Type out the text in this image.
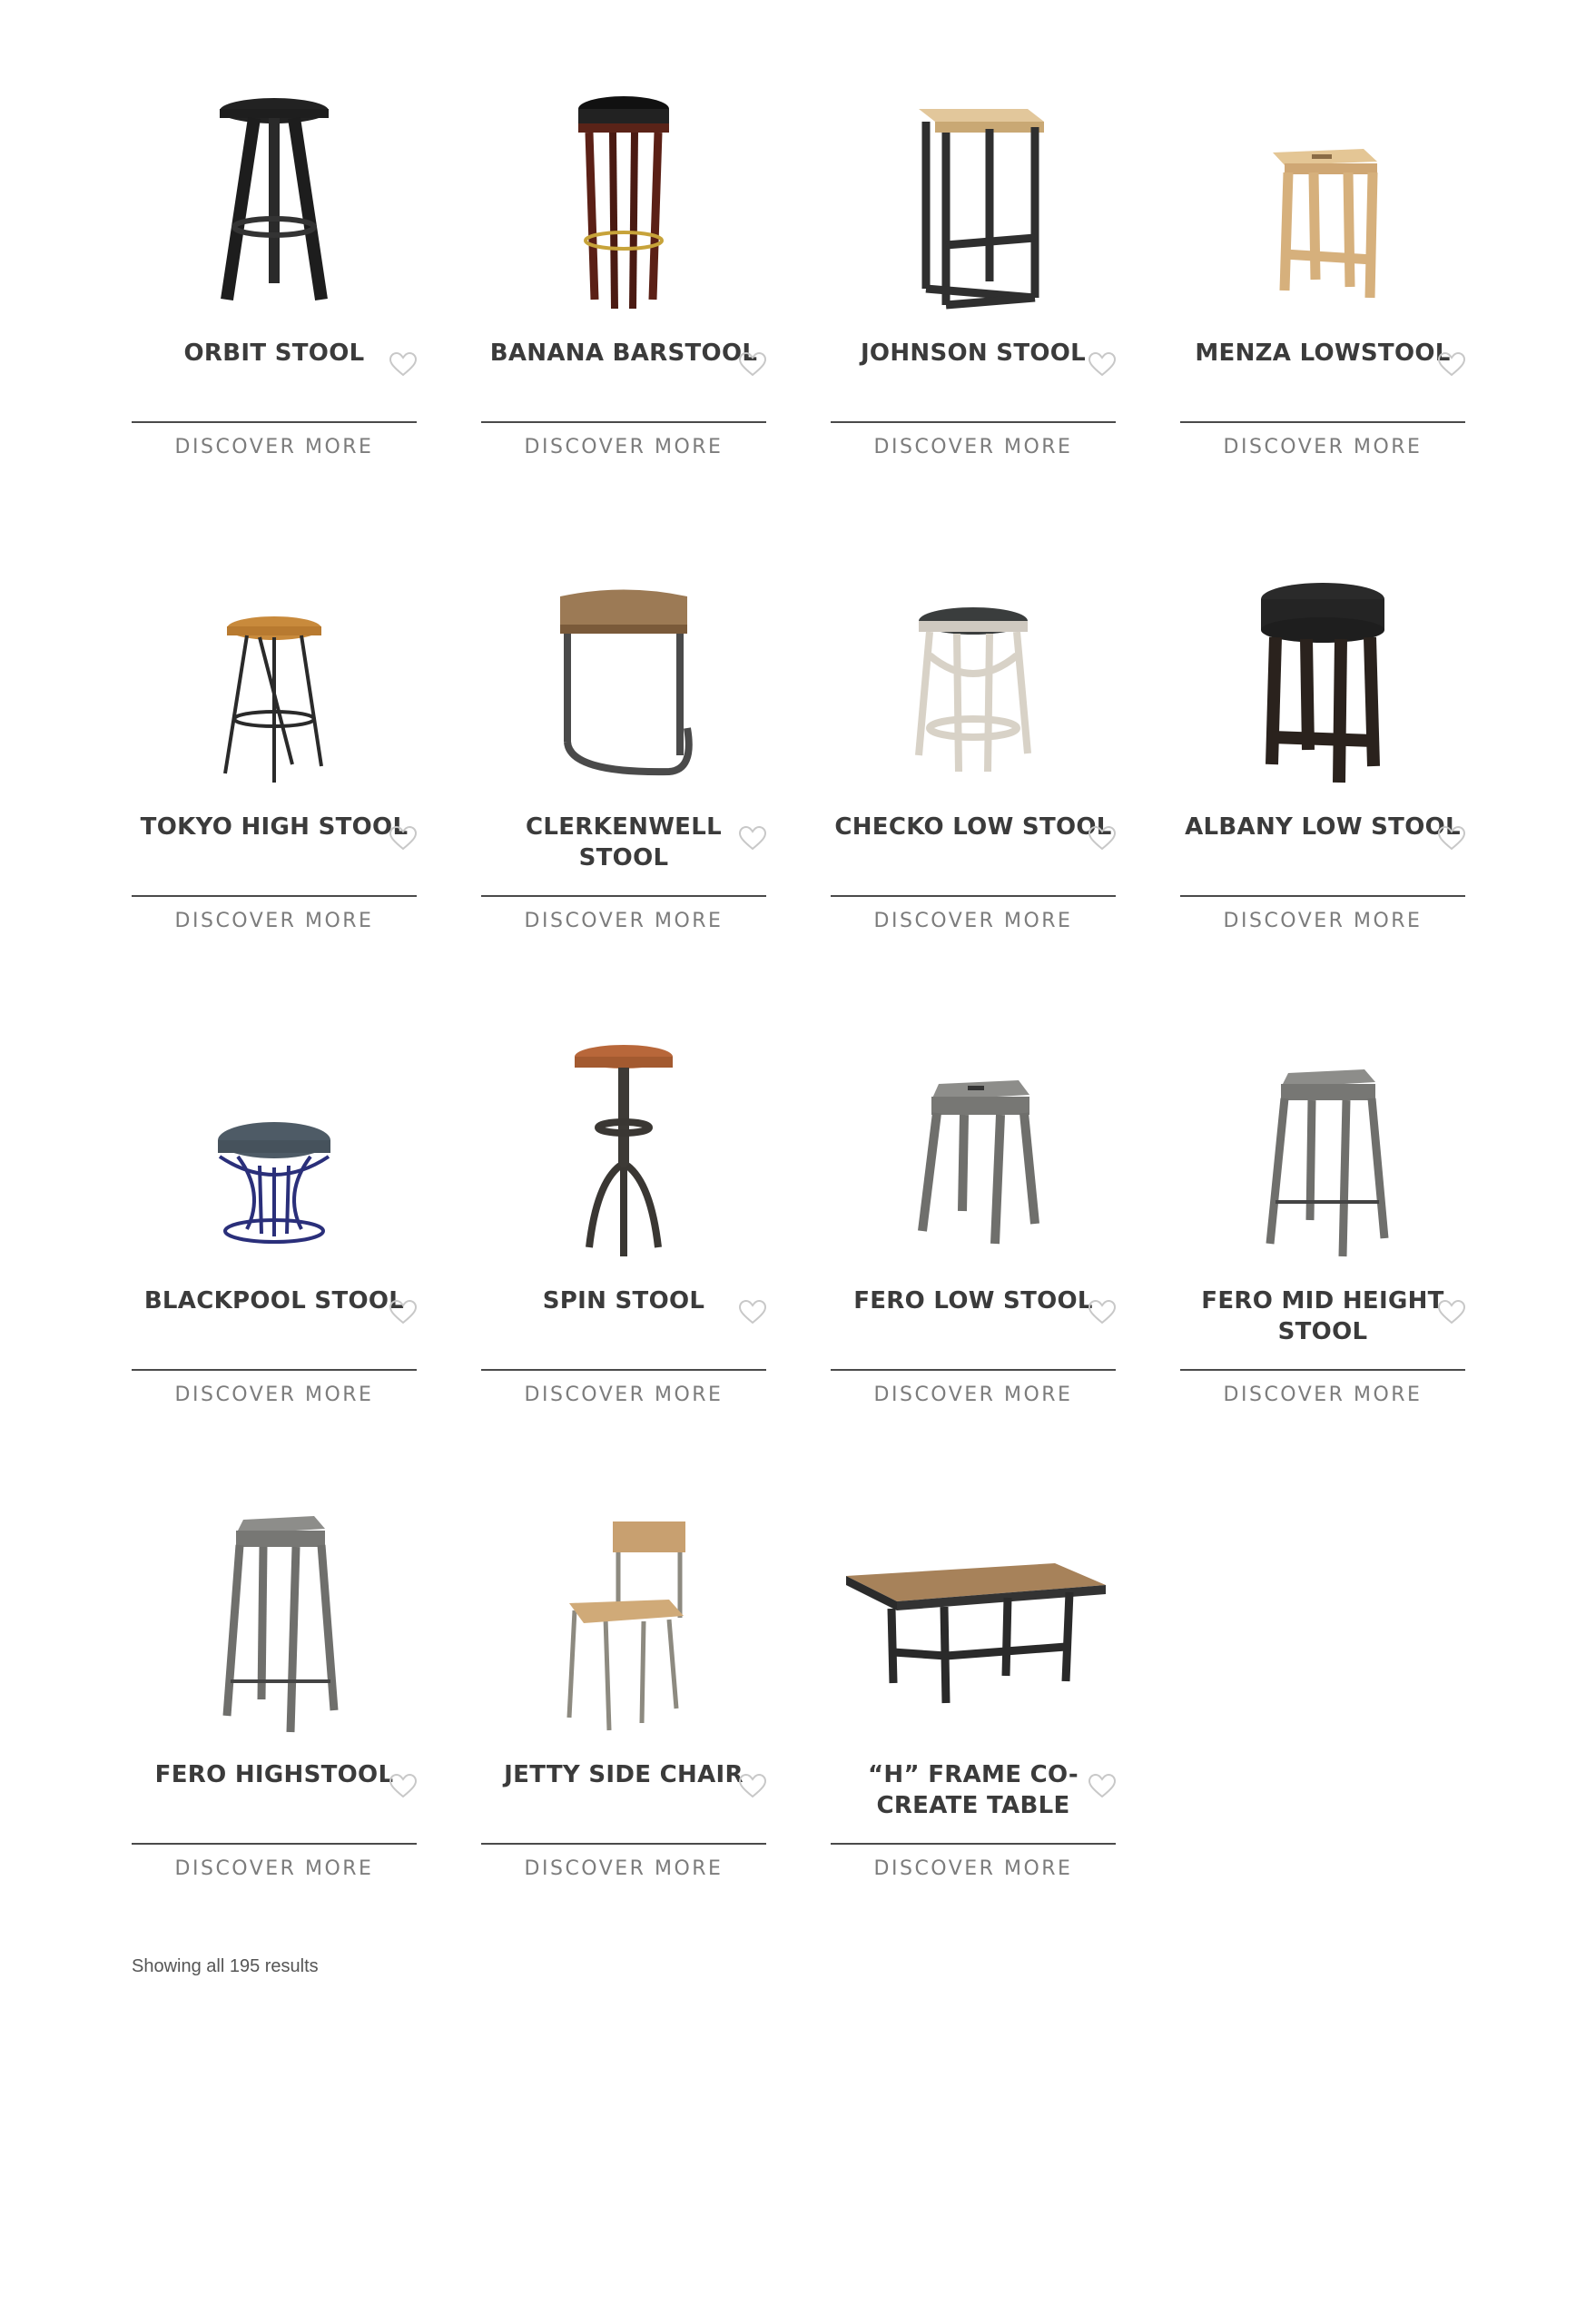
ORBIT STOOL
DISCOVER MORE
BANANA BARSTOOL
DISCOVER MORE
JOHNSON STOOL
DISCOVER MORE
MENZA LOWSTOOL
DISCOVER MORE
TOKYO HIGH STOOL
DISCOVER MORE
CLERKENWELL STOOL
DISCOVER MORE
CHECKO LOW STOOL
DISCOVER MORE
ALBANY LOW STOOL
DISCOVER MORE
BLACKPOOL STOOL
DISCOVER MORE
SPIN STOOL
DISCOVER MORE
FERO LOW STOOL
DISCOVER MORE
FERO MID HEIGHT STOOL
DISCOVER MORE
FERO HIGHSTOOL
DISCOVER MORE
JETTY SIDE CHAIR
DISCOVER MORE
“H” FRAME CO-CREATE TABLE
DISCOVER MORE
Showing all 195 results
